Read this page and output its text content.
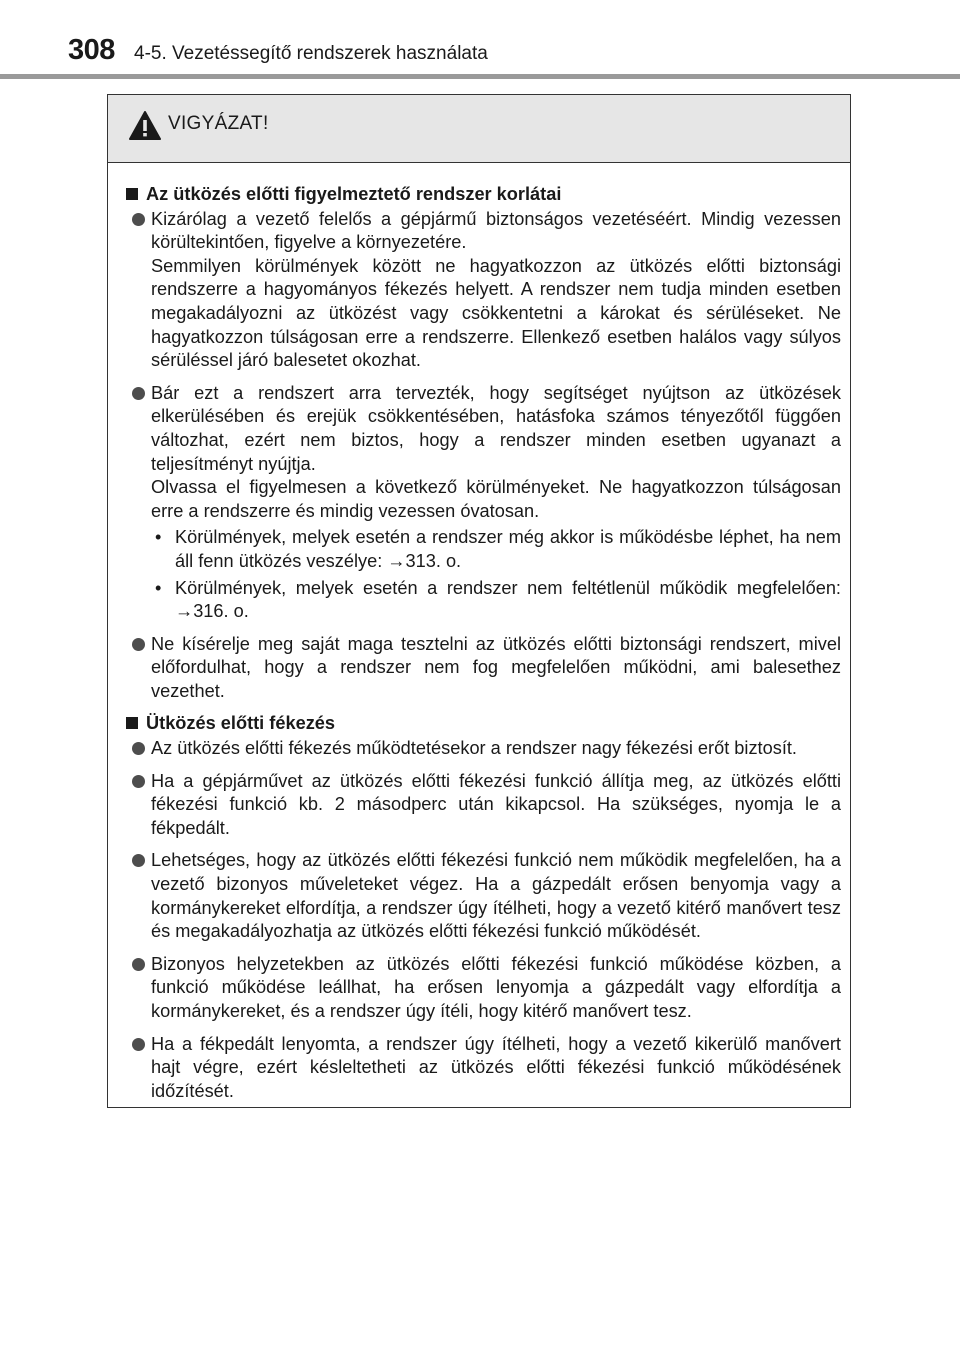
308 4-5. Vezetéssegítő rendszerek használata
VIGYÁZAT!
Az ütközés előtti figyelmeztető rendszer korlátai
Kizárólag a vezető felelős a gépjármű biztonságos vezetéséért. Mindig vezessen körültekintően, figyelve a környezetére.
Semmilyen körülmények között ne hagyatkozzon az ütközés előtti biztonsági rendszerre a hagyományos fékezés helyett. A rendszer nem tudja minden esetben megakadályozni az ütközést vagy csökkentetni a károkat és sérüléseket. Ne hagyatkozzon túlságosan erre a rendszerre. Ellenkező esetben halálos vagy súlyos sérüléssel járó balesetet okozhat.
Bár ezt a rendszert arra tervezték, hogy segítséget nyújtson az ütközések elkerülésében és erejük csökkentésében, hatásfoka számos tényezőtől függően változhat, ezért nem biztos, hogy a rendszer minden esetben ugyanazt a teljesítményt nyújtja.
Olvassa el figyelmesen a következő körülményeket. Ne hagyatkozzon túlságosan erre a rendszerre és mindig vezessen óvatosan.
• Körülmények, melyek esetén a rendszer még akkor is működésbe léphet, ha nem áll fenn ütközés veszélye: →313. o.
• Körülmények, melyek esetén a rendszer nem feltétlenül működik megfelelően: →316. o.
Ne kísérelje meg saját maga tesztelni az ütközés előtti biztonsági rendszert, mivel előfordulhat, hogy a rendszer nem fog megfelelően működni, ami balesethez vezethet.
Ütközés előtti fékezés
Az ütközés előtti fékezés működtetésekor a rendszer nagy fékezési erőt biztosít.
Ha a gépjárművet az ütközés előtti fékezési funkció állítja meg, az ütközés előtti fékezési funkció kb. 2 másodperc után kikapcsol. Ha szükséges, nyomja le a fékpedált.
Lehetséges, hogy az ütközés előtti fékezési funkció nem működik megfelelően, ha a vezető bizonyos műveleteket végez. Ha a gázpedált erősen benyomja vagy a kormánykereket elfordítja, a rendszer úgy ítélheti, hogy a vezető kitérő manővert tesz és megakadályozhatja az ütközés előtti fékezési funkció működését.
Bizonyos helyzetekben az ütközés előtti fékezési funkció működése közben, a funkció működése leállhat, ha erősen lenyomja a gázpedált vagy elfordítja a kormánykereket, és a rendszer úgy ítéli, hogy kitérő manővert tesz.
Ha a fékpedált lenyomta, a rendszer úgy ítélheti, hogy a vezető kikerülő manővert hajt végre, ezért késleltetheti az ütközés előtti fékezési funkció működésének időzítését.
